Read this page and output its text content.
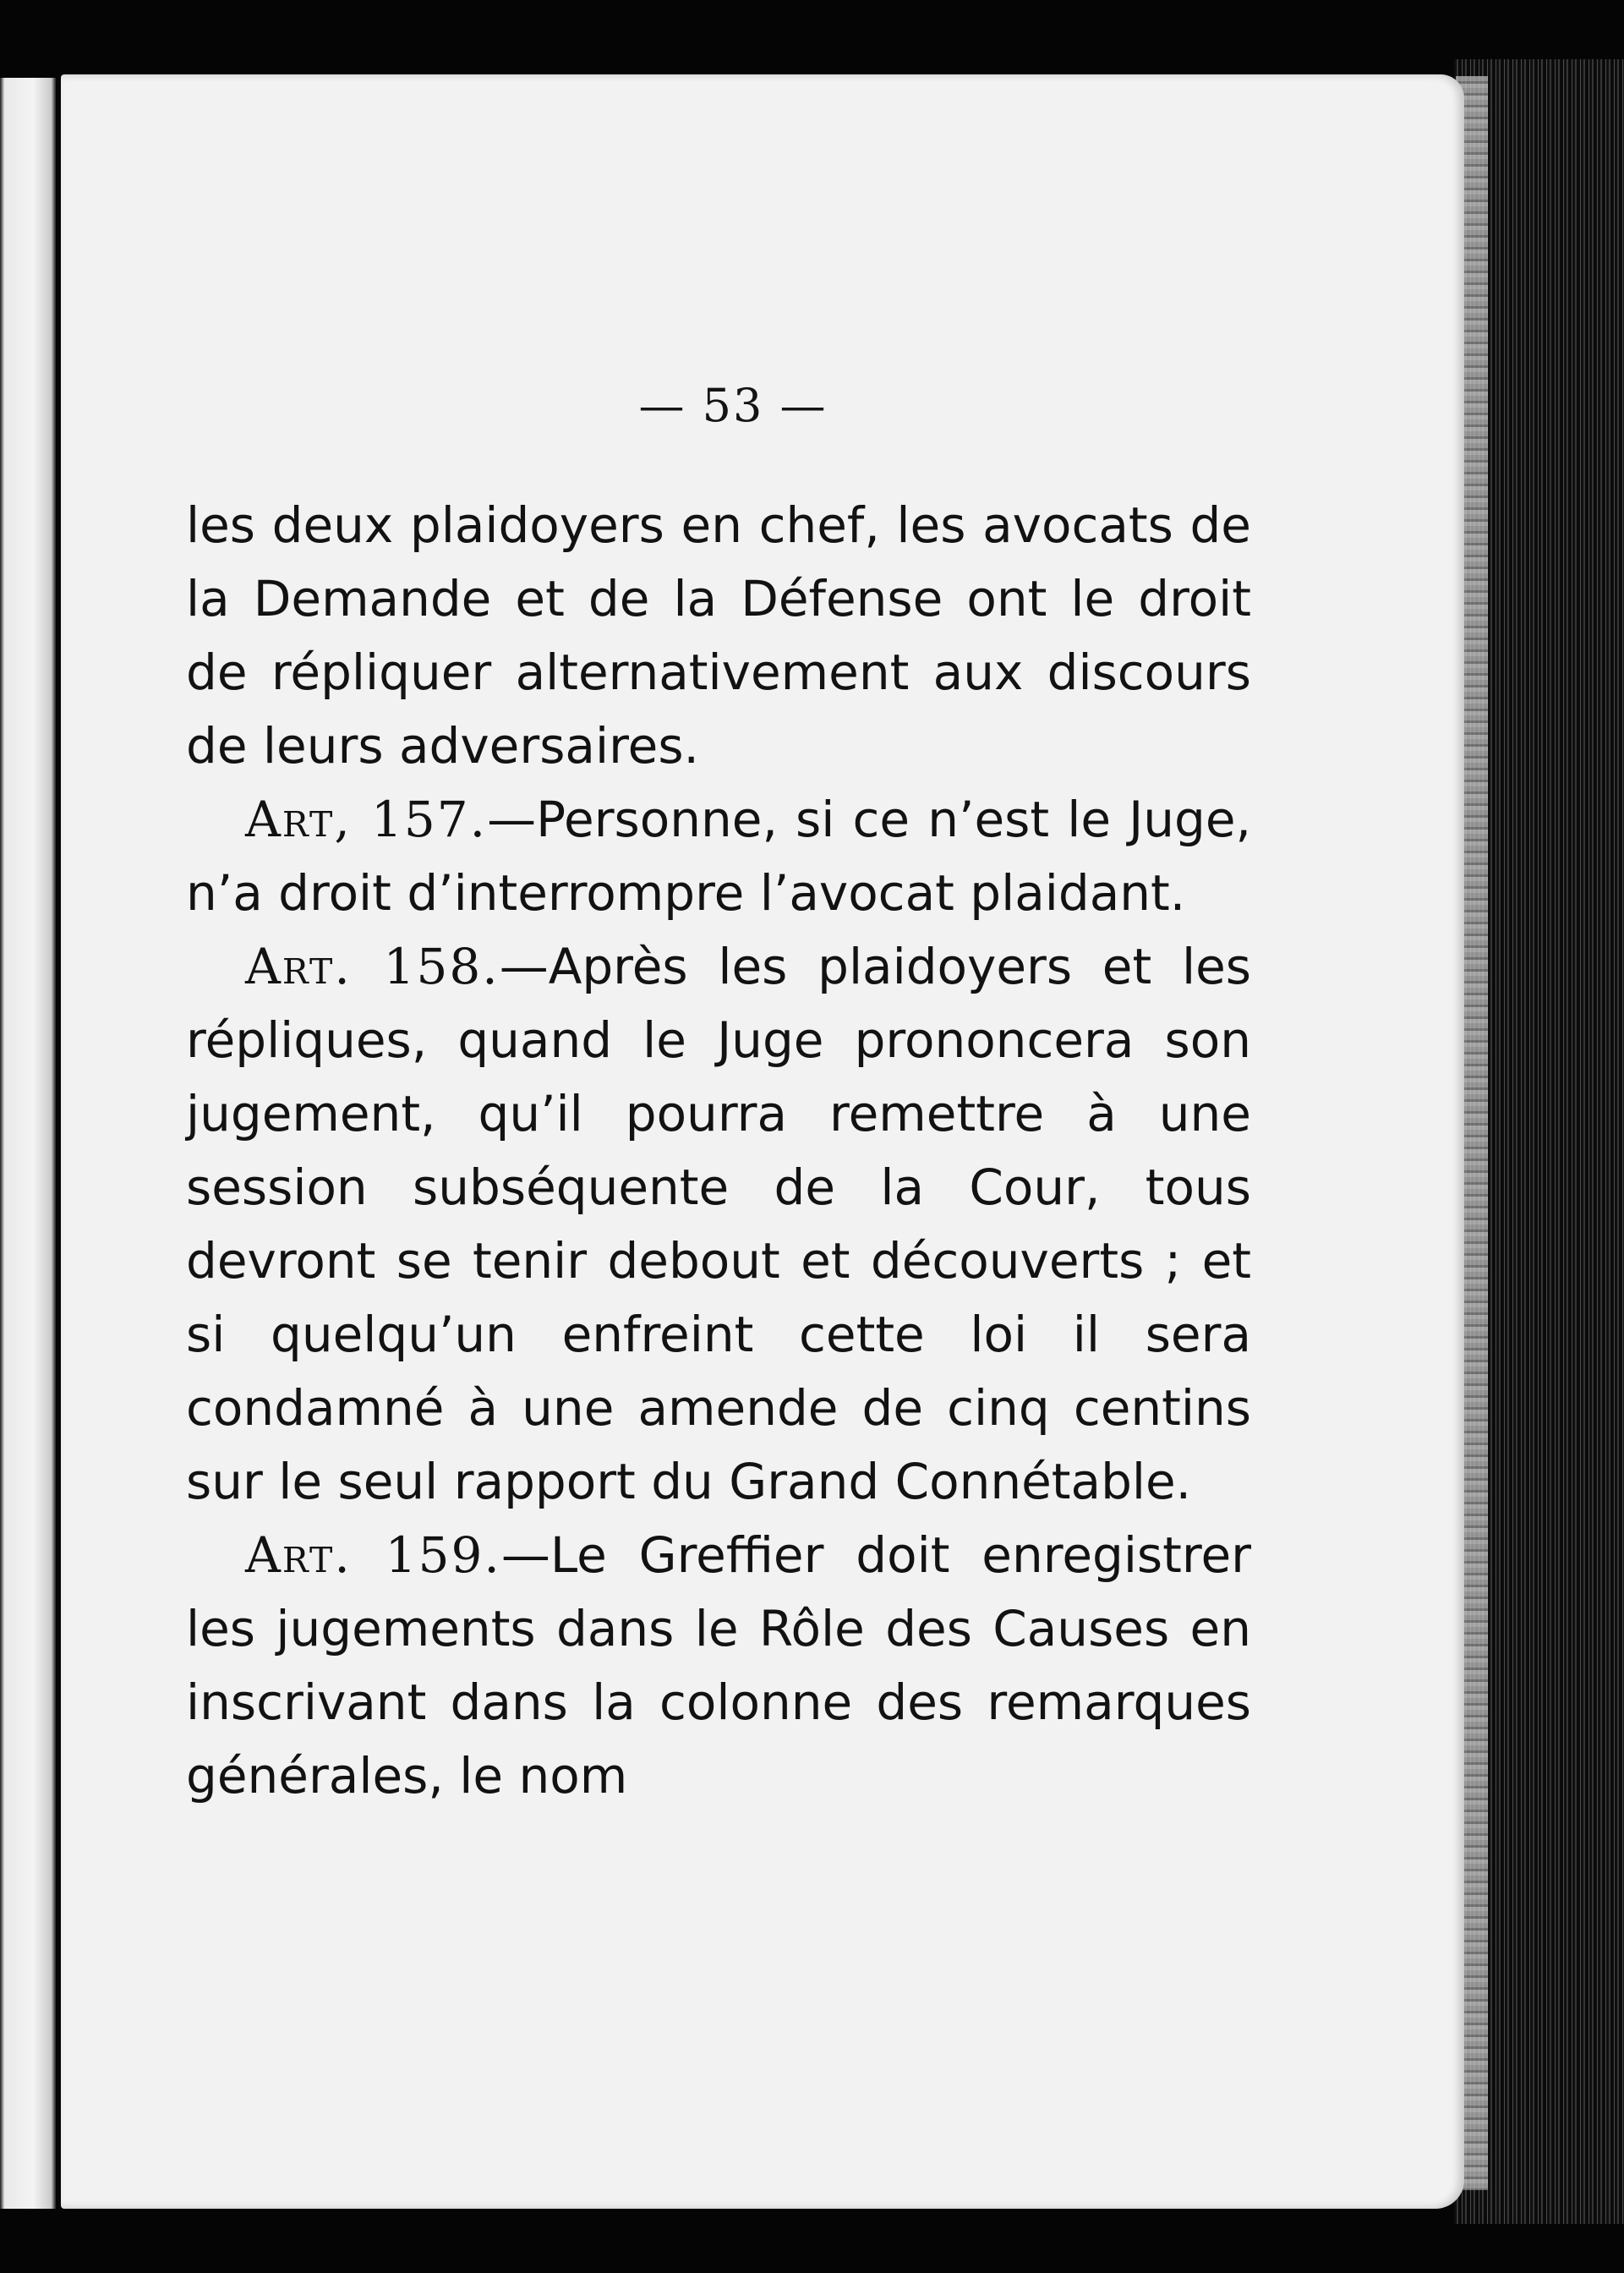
— 53 —

les deux plaidoyers en chef, les avocats de la Demande et de la Défense ont le droit de répliquer alternativement aux discours de leurs adversaires.

Art, 157.—Personne, si ce n’est le Juge, n’a droit d’interrompre l’avocat plaidant.

Art. 158.—Après les plaidoyers et les répliques, quand le Juge prononcera son jugement, qu’il pourra remettre à une session subséquente de la Cour, tous devront se tenir debout et découverts ; et si quelqu’un enfreint cette loi il sera condamné à une amende de cinq centins sur le seul rapport du Grand Connétable.

Art. 159.—Le Greffier doit enregistrer les jugements dans le Rôle des Causes en inscrivant dans la colonne des remarques générales, le nom
